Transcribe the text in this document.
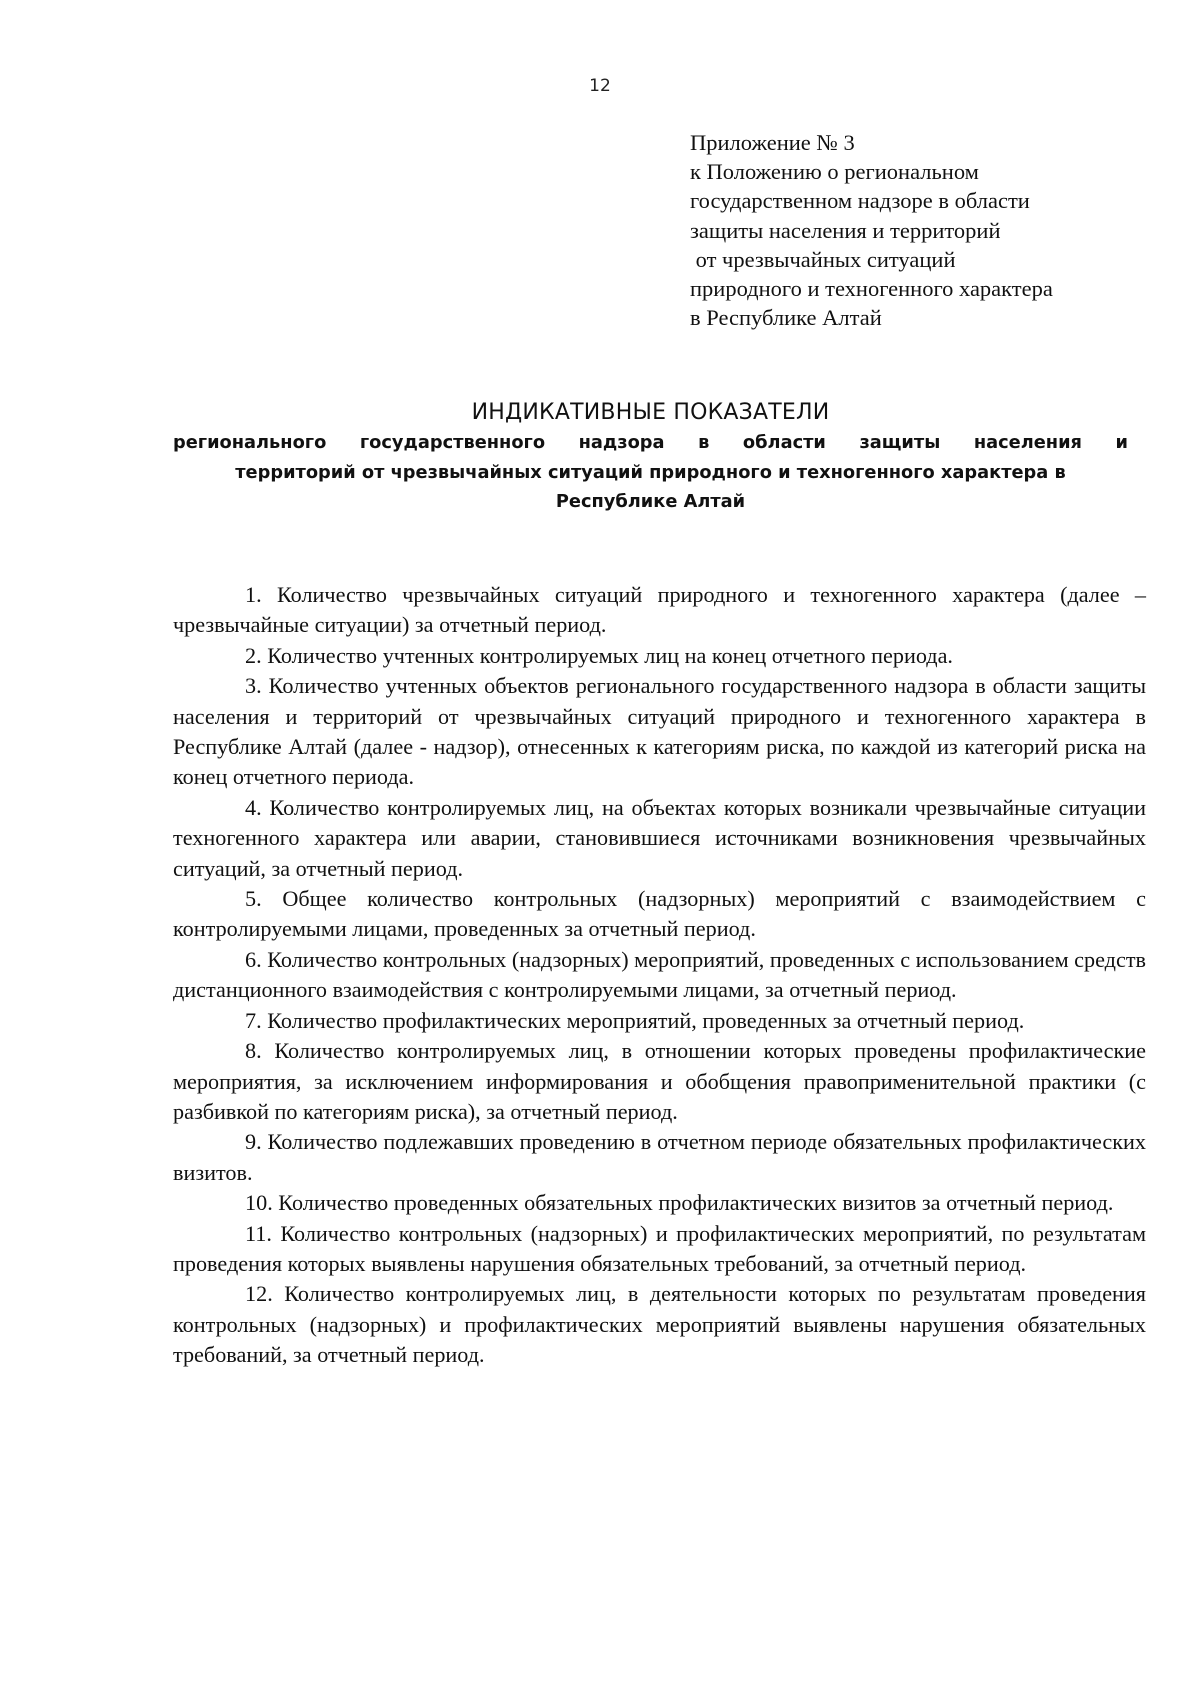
12
Приложение № 3
к Положению о региональном
государственном надзоре в области
защиты населения и территорий
от чрезвычайных ситуаций
природного и техногенного характера
в Республике Алтай
ИНДИКАТИВНЫЕ ПОКАЗАТЕЛИ
регионального государственного надзора в области защиты населения и
территорий от чрезвычайных ситуаций природного и техногенного характера в
Республике Алтай

1. Количество чрезвычайных ситуаций природного и техногенного характера (далее – чрезвычайные ситуации) за отчетный период.

2. Количество учтенных контролируемых лиц на конец отчетного периода.

3. Количество учтенных объектов регионального государственного надзора в области защиты населения и территорий от чрезвычайных ситуаций природного и техногенного характера в Республике Алтай (далее - надзор), отнесенных к категориям риска, по каждой из категорий риска на конец отчетного периода.

4. Количество контролируемых лиц, на объектах которых возникали чрезвычайные ситуации техногенного характера или аварии, становившиеся источниками возникновения чрезвычайных ситуаций, за отчетный период.

5. Общее количество контрольных (надзорных) мероприятий с взаимодействием с контролируемыми лицами, проведенных за отчетный период.

6. Количество контрольных (надзорных) мероприятий, проведенных с использованием средств дистанционного взаимодействия с контролируемыми лицами, за отчетный период.

7. Количество профилактических мероприятий, проведенных за отчетный период.

8. Количество контролируемых лиц, в отношении которых проведены профилактические мероприятия, за исключением информирования и обобщения правоприменительной практики (с разбивкой по категориям риска), за отчетный период.

9. Количество подлежавших проведению в отчетном периоде обязательных профилактических визитов.

10. Количество проведенных обязательных профилактических визитов за отчетный период.

11. Количество контрольных (надзорных) и профилактических мероприятий, по результатам проведения которых выявлены нарушения обязательных требований, за отчетный период.

12. Количество контролируемых лиц, в деятельности которых по результатам проведения контрольных (надзорных) и профилактических мероприятий выявлены нарушения обязательных требований, за отчетный период.
